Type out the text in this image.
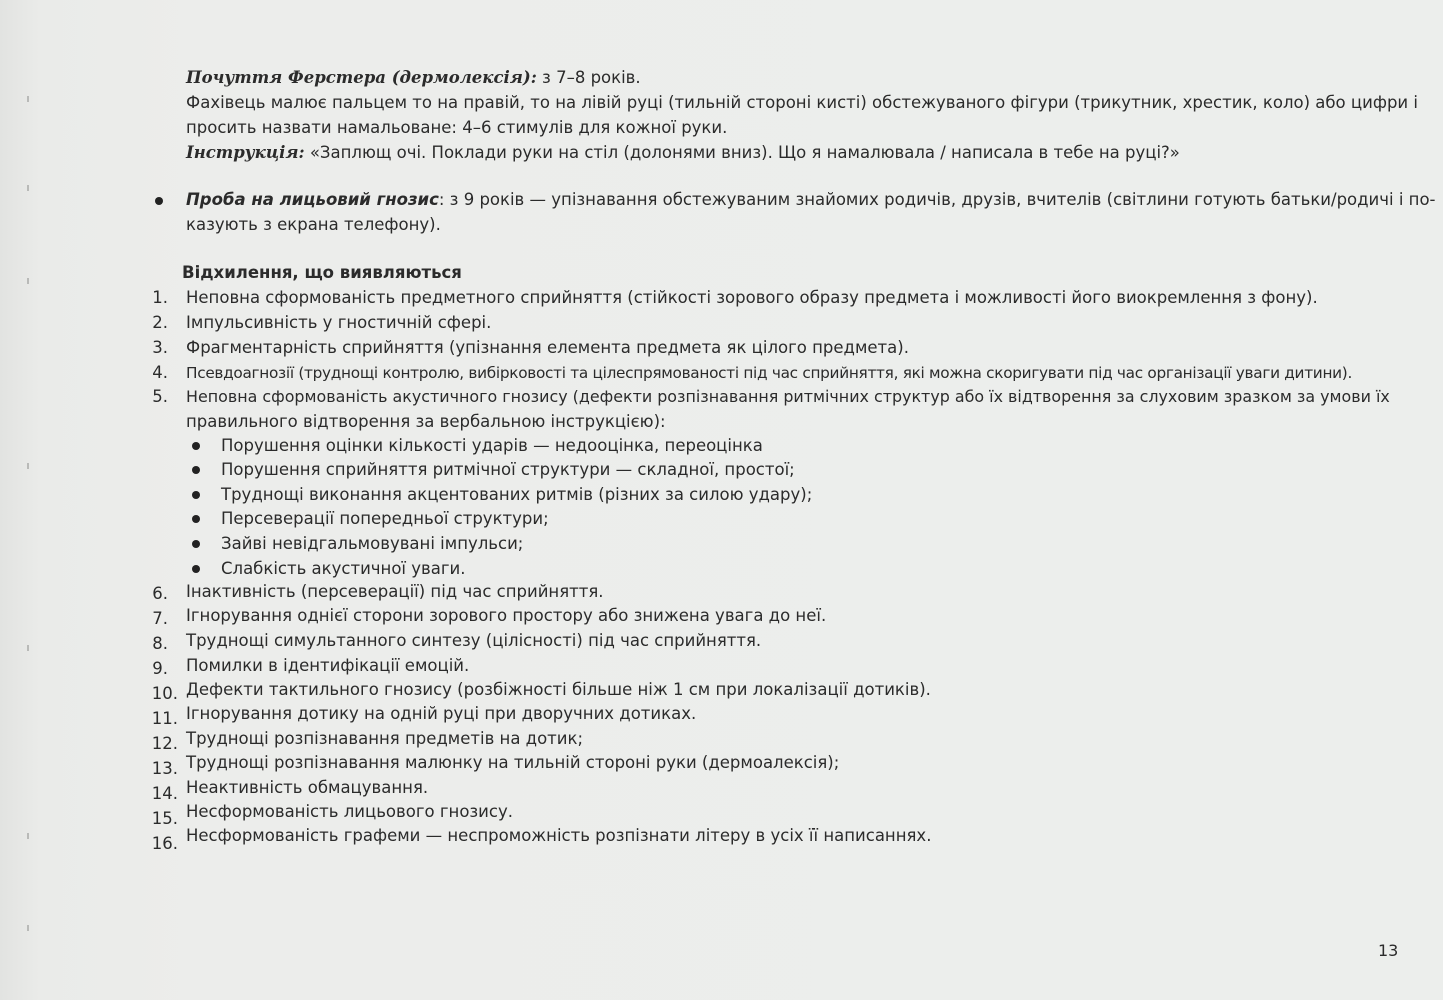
Почуття Ферстера (дермолексія): з 7–8 років.
Фахівець малює пальцем то на правій, то на лівій руці (тильній стороні кисті) обстежуваного фігури (трикутник, хрестик, коло) або цифри і
просить назвати намальоване: 4–6 стимулів для кожної руки.
Інструкція: «Заплющ очі. Поклади руки на стіл (долонями вниз). Що я намалювала / написала в тебе на руці?»
Проба на лицьовий гнозис: з 9 років — упізнавання обстежуваним знайомих родичів, друзів, вчителів (світлини готують батьки/родичі і по-
казують з екрана телефону).
Відхилення, що виявляються
1. Неповна сформованість предметного сприйняття (стійкості зорового образу предмета і можливості його виокремлення з фону).
2. Імпульсивність у гностичній сфері.
3. Фрагментарність сприйняття (упізнання елемента предмета як цілого предмета).
4. Псевдоагнозії (труднощі контролю, вибірковості та цілеспрямованості під час сприйняття, які можна скоригувати під час організації уваги дитини).
5. Неповна сформованість акустичного гнозису (дефекти розпізнавання ритмічних структур або їх відтворення за слуховим зразком за умови їх
правильного відтворення за вербальною інструкцією):
Порушення оцінки кількості ударів — недооцінка, переоцінка
Порушення сприйняття ритмічної структури — складної, простої;
Труднощі виконання акцентованих ритмів (різних за силою удару);
Персеверації попередньої структури;
Зайві невідгальмовувані імпульси;
Слабкість акустичної уваги.
6. Інактивність (персеверації) під час сприйняття.
7. Ігнорування однієї сторони зорового простору або знижена увага до неї.
8. Труднощі симультанного синтезу (цілісності) під час сприйняття.
9. Помилки в ідентифікації емоцій.
10. Дефекти тактильного гнозису (розбіжності більше ніж 1 см при локалізації дотиків).
11. Ігнорування дотику на одній руці при дворучних дотиках.
12. Труднощі розпізнавання предметів на дотик;
13. Труднощі розпізнавання малюнку на тильній стороні руки (дермоалексія);
14. Неактивність обмацування.
15. Несформованість лицьового гнозису.
16. Несформованість графеми — неспроможність розпізнати літеру в усіх її написаннях.
13
